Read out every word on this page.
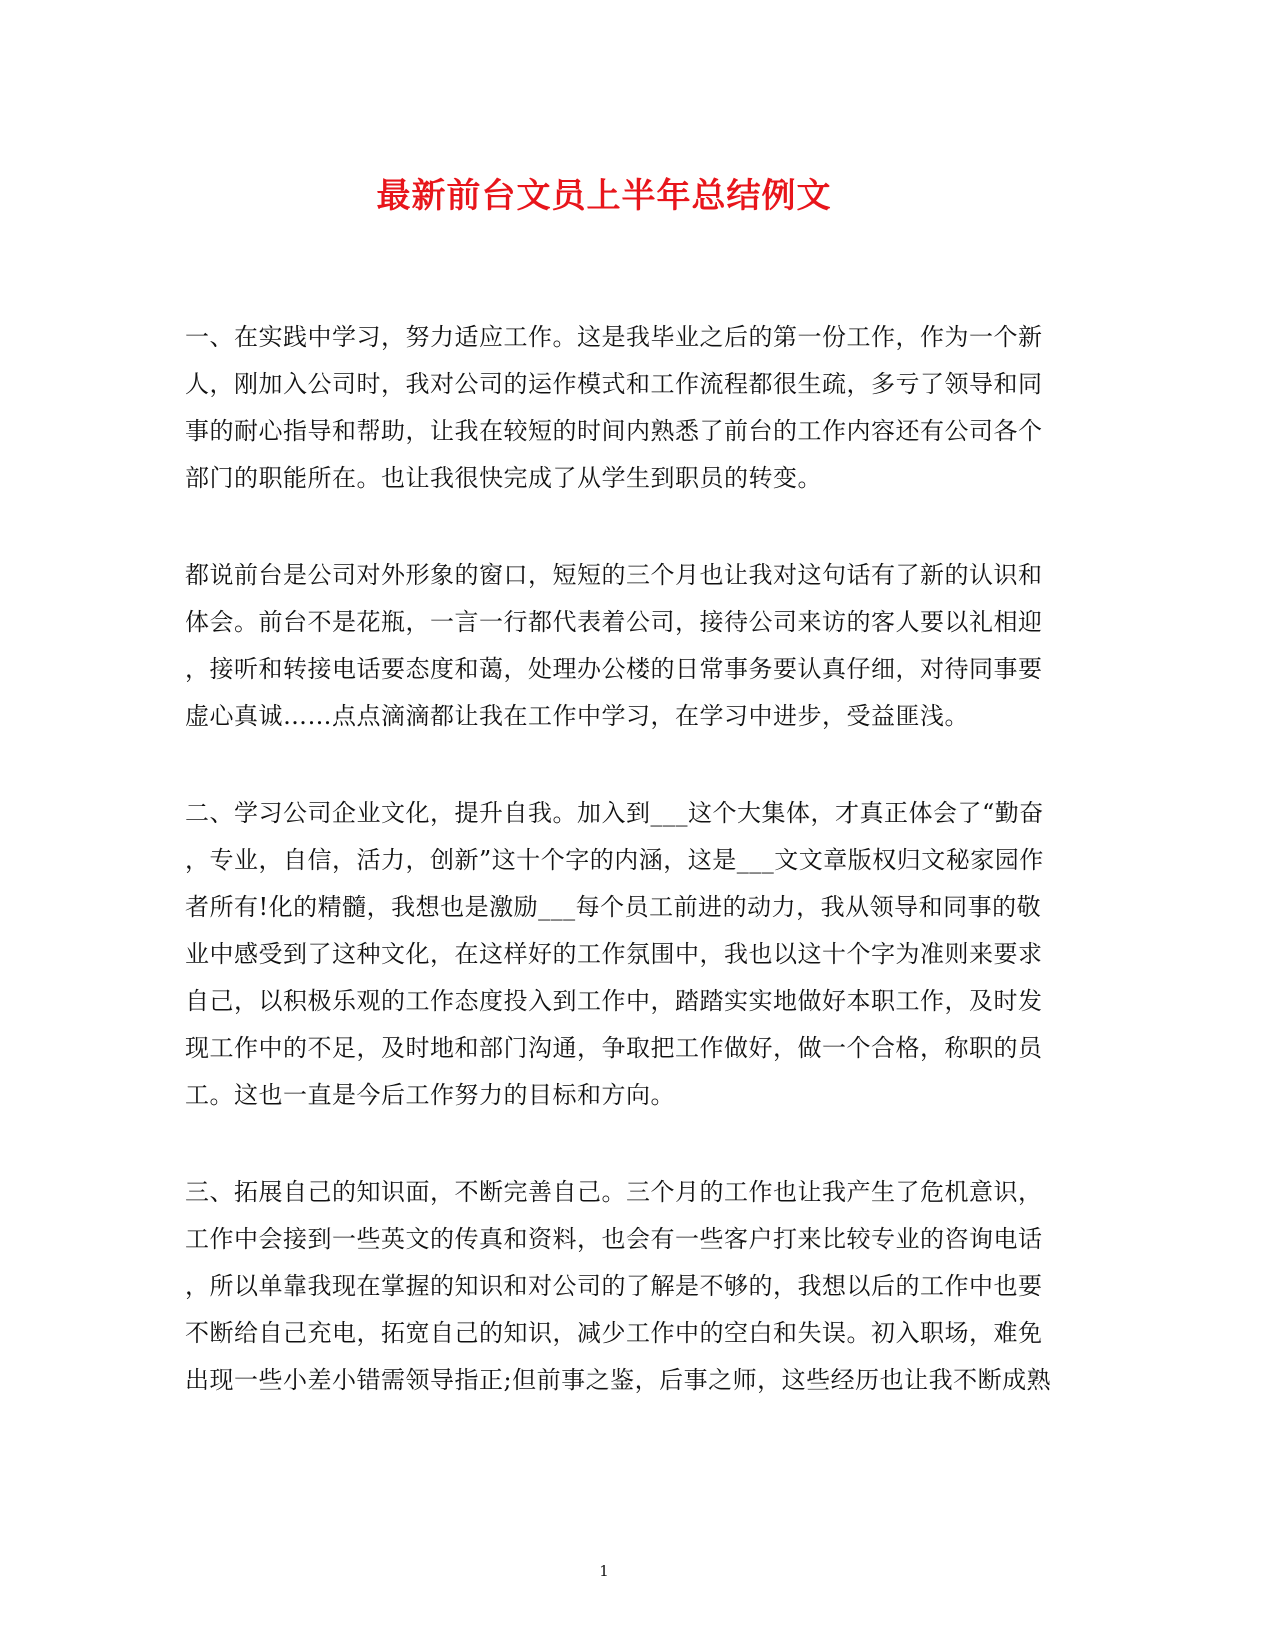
最新前台文员上半年总结例文
一、在实践中学习，努力适应工作。这是我毕业之后的第一份工作，作为一个新
人，刚加入公司时，我对公司的运作模式和工作流程都很生疏，多亏了领导和同
事的耐心指导和帮助，让我在较短的时间内熟悉了前台的工作内容还有公司各个
部门的职能所在。也让我很快完成了从学生到职员的转变。
都说前台是公司对外形象的窗口，短短的三个月也让我对这句话有了新的认识和
体会。前台不是花瓶，一言一行都代表着公司，接待公司来访的客人要以礼相迎
，接听和转接电话要态度和蔼，处理办公楼的日常事务要认真仔细，对待同事要
虚心真诚……点点滴滴都让我在工作中学习，在学习中进步，受益匪浅。
二、学习公司企业文化，提升自我。加入到___这个大集体，才真正体会了“勤奋
，专业，自信，活力，创新”这十个字的内涵，这是___文文章版权归文秘家园作
者所有!化的精髓，我想也是激励___每个员工前进的动力，我从领导和同事的敬
业中感受到了这种文化，在这样好的工作氛围中，我也以这十个字为准则来要求
自己，以积极乐观的工作态度投入到工作中，踏踏实实地做好本职工作，及时发
现工作中的不足，及时地和部门沟通，争取把工作做好，做一个合格，称职的员
工。这也一直是今后工作努力的目标和方向。
三、拓展自己的知识面，不断完善自己。三个月的工作也让我产生了危机意识，
工作中会接到一些英文的传真和资料，也会有一些客户打来比较专业的咨询电话
，所以单靠我现在掌握的知识和对公司的了解是不够的，我想以后的工作中也要
不断给自己充电，拓宽自己的知识，减少工作中的空白和失误。初入职场，难免
出现一些小差小错需领导指正;但前事之鉴，后事之师，这些经历也让我不断成熟
1
